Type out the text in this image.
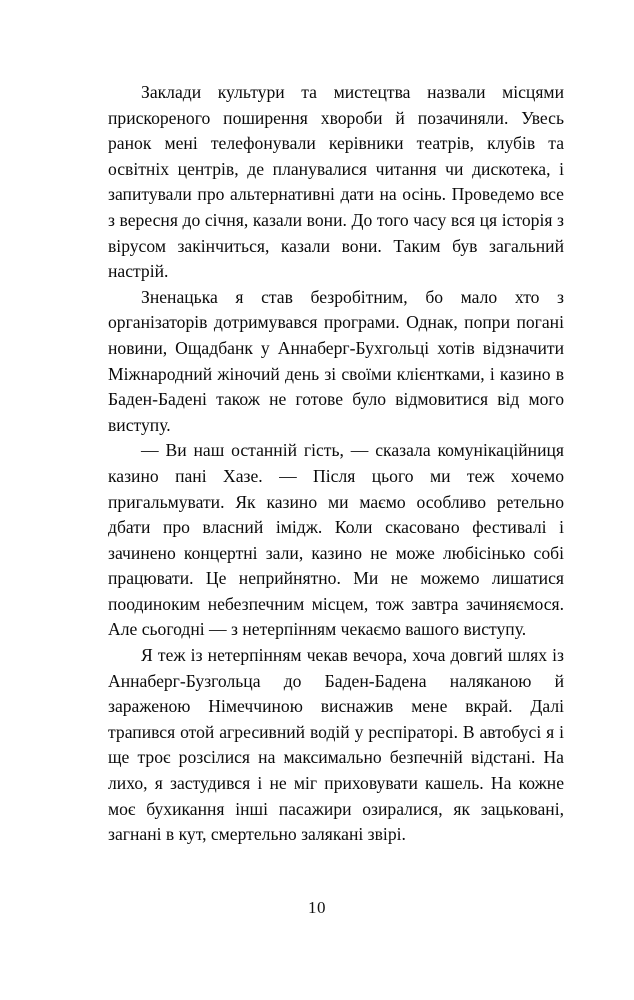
Заклади культури та мистецтва назвали місцями прискореного поширення хвороби й позачиняли. Увесь ранок мені телефонували керівники театрів, клубів та освітніх центрів, де планувалися читання чи дискотека, і запитували про альтернативні дати на осінь. Проведемо все з вересня до січня, казали вони. До того часу вся ця історія з вірусом закінчиться, казали вони. Таким був загальний настрій.

Зненацька я став безробітним, бо мало хто з організаторів дотримувався програми. Однак, попри погані новини, Ощадбанк у Аннаберг-Бухгольці хотів відзначити Міжнародний жіночий день зі своїми клієнтками, і казино в Баден-Бадені також не готове було відмовитися від мого виступу.

— Ви наш останній гість, — сказала комунікаційниця казино пані Хазе. — Після цього ми теж хочемо пригальмувати. Як казино ми маємо особливо ретельно дбати про власний імідж. Коли скасовано фестивалі і зачинено концертні зали, казино не може любісінько собі працювати. Це неприйнятно. Ми не можемо лишатися поодиноким небезпечним місцем, тож завтра зачиняємося. Але сьогодні — з нетерпінням чекаємо вашого виступу.

Я теж із нетерпінням чекав вечора, хоча довгий шлях із Аннаберг-Бузгольца до Баден-Бадена наляканою й зараженою Німеччиною виснажив мене вкрай. Далі трапився отой агресивний водій у респіраторі. В автобусі я і ще троє розсілися на максимально безпечній відстані. На лихо, я застудився і не міг приховувати кашель. На кожне моє бухикання інші пасажири озиралися, як зацьковані, загнані в кут, смертельно залякані звірі.

10
